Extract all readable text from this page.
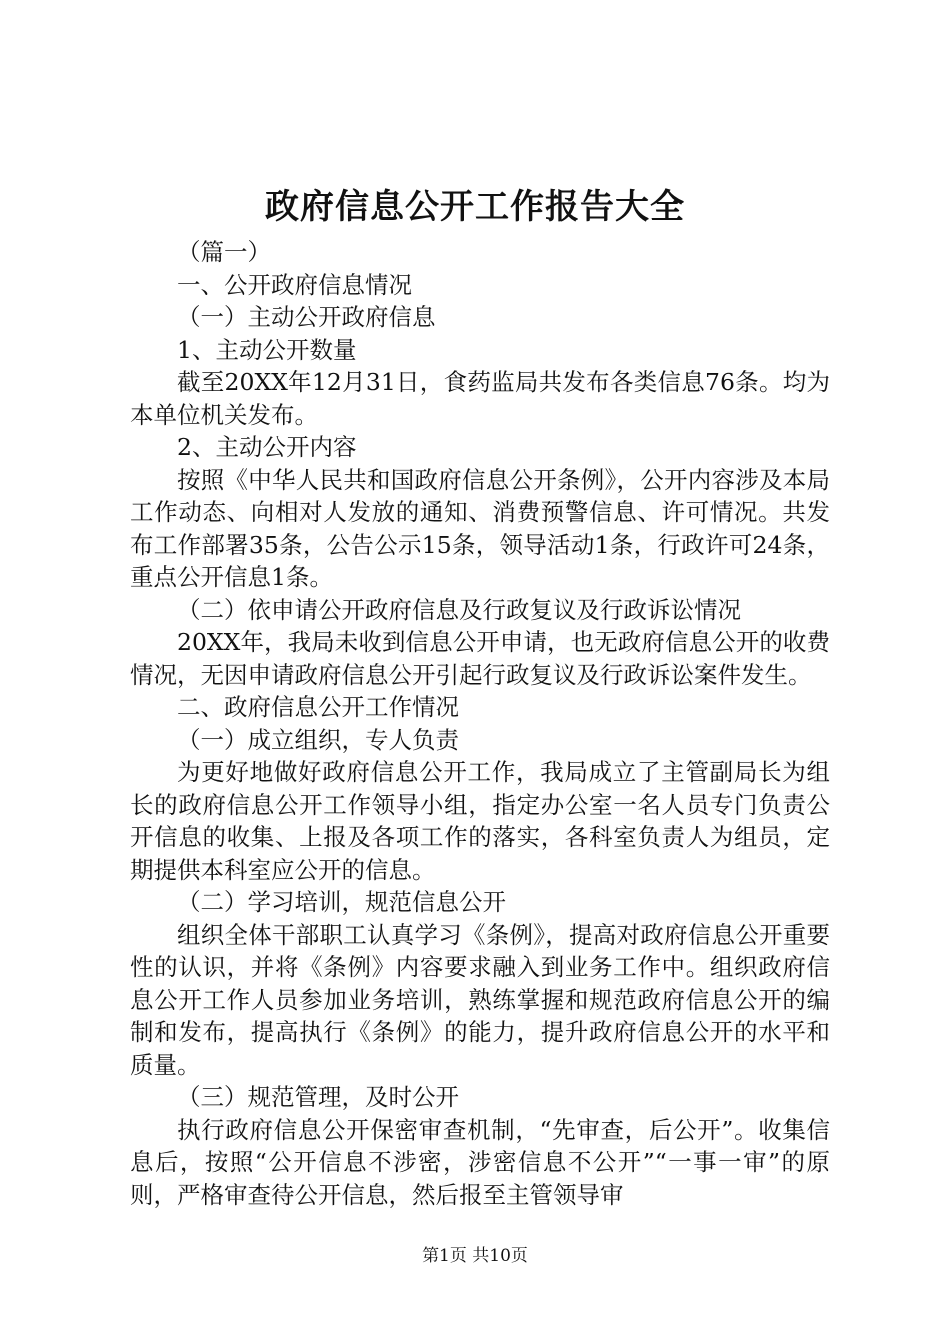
政府信息公开工作报告大全

（篇一）

一、公开政府信息情况

（一）主动公开政府信息

1、主动公开数量

截至20XX年12月31日，食药监局共发布各类信息76条。均为本单位机关发布。

2、主动公开内容

按照《中华人民共和国政府信息公开条例》，公开内容涉及本局工作动态、向相对人发放的通知、消费预警信息、许可情况。共发布工作部署35条，公告公示15条，领导活动1条，行政许可24条，重点公开信息1条。

（二）依申请公开政府信息及行政复议及行政诉讼情况

20XX年，我局未收到信息公开申请，也无政府信息公开的收费情况，无因申请政府信息公开引起行政复议及行政诉讼案件发生。

二、政府信息公开工作情况

（一）成立组织，专人负责

为更好地做好政府信息公开工作，我局成立了主管副局长为组长的政府信息公开工作领导小组，指定办公室一名人员专门负责公开信息的收集、上报及各项工作的落实，各科室负责人为组员，定期提供本科室应公开的信息。

（二）学习培训，规范信息公开

组织全体干部职工认真学习《条例》，提高对政府信息公开重要性的认识，并将《条例》内容要求融入到业务工作中。组织政府信息公开工作人员参加业务培训，熟练掌握和规范政府信息公开的编制和发布，提高执行《条例》的能力，提升政府信息公开的水平和质量。

（三）规范管理，及时公开

执行政府信息公开保密审查机制，“先审查，后公开”。收集信息后，按照“公开信息不涉密，涉密信息不公开”“一事一审”的原则，严格审查待公开信息，然后报至主管领导审

第1页 共10页
